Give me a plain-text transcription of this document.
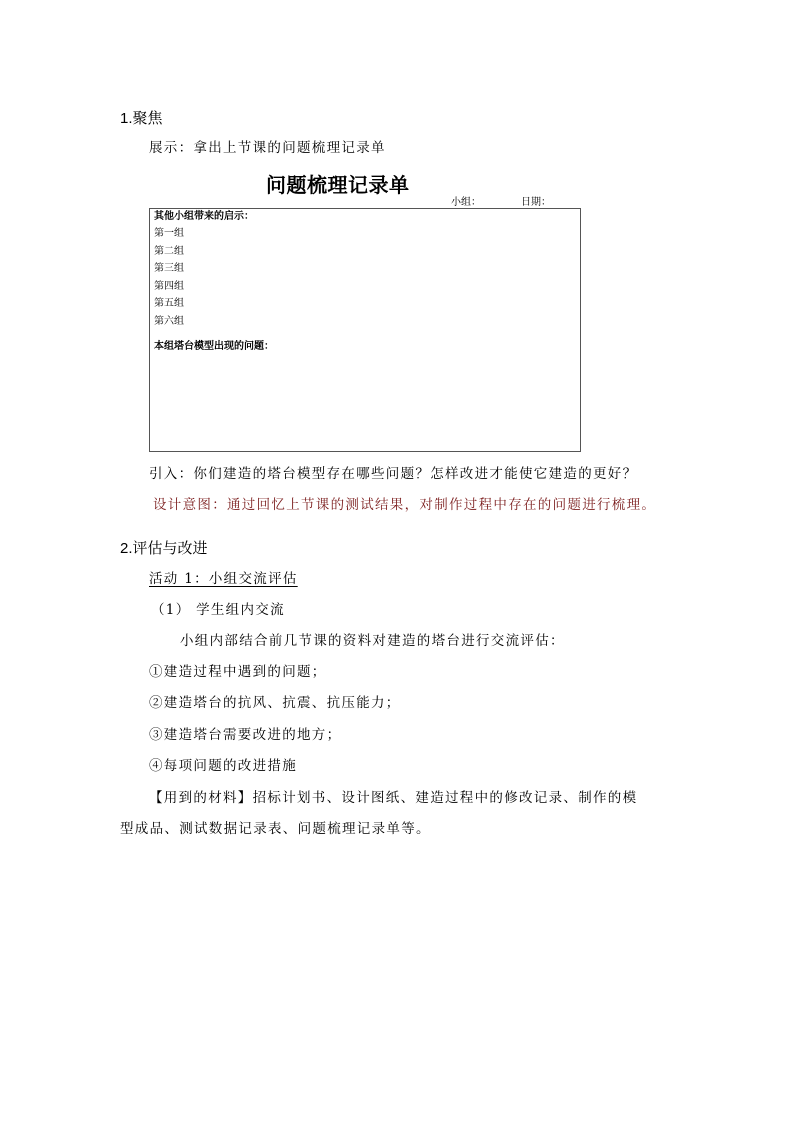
1.聚焦
展示：拿出上节课的问题梳理记录单
问题梳理记录单
小组：	日期：
其他小组带来的启示：
第一组
第二组
第三组
第四组
第五组
第六组
本组塔台模型出现的问题：
引入：你们建造的塔台模型存在哪些问题？怎样改进才能使它建造的更好？
设计意图：通过回忆上节课的测试结果，对制作过程中存在的问题进行梳理。
2.评估与改进
活动 1：小组交流评估
（1） 学生组内交流
小组内部结合前几节课的资料对建造的塔台进行交流评估：
①建造过程中遇到的问题；
②建造塔台的抗风、抗震、抗压能力；
③建造塔台需要改进的地方；
④每项问题的改进措施
【用到的材料】招标计划书、设计图纸、建造过程中的修改记录、制作的模
型成品、测试数据记录表、问题梳理记录单等。
